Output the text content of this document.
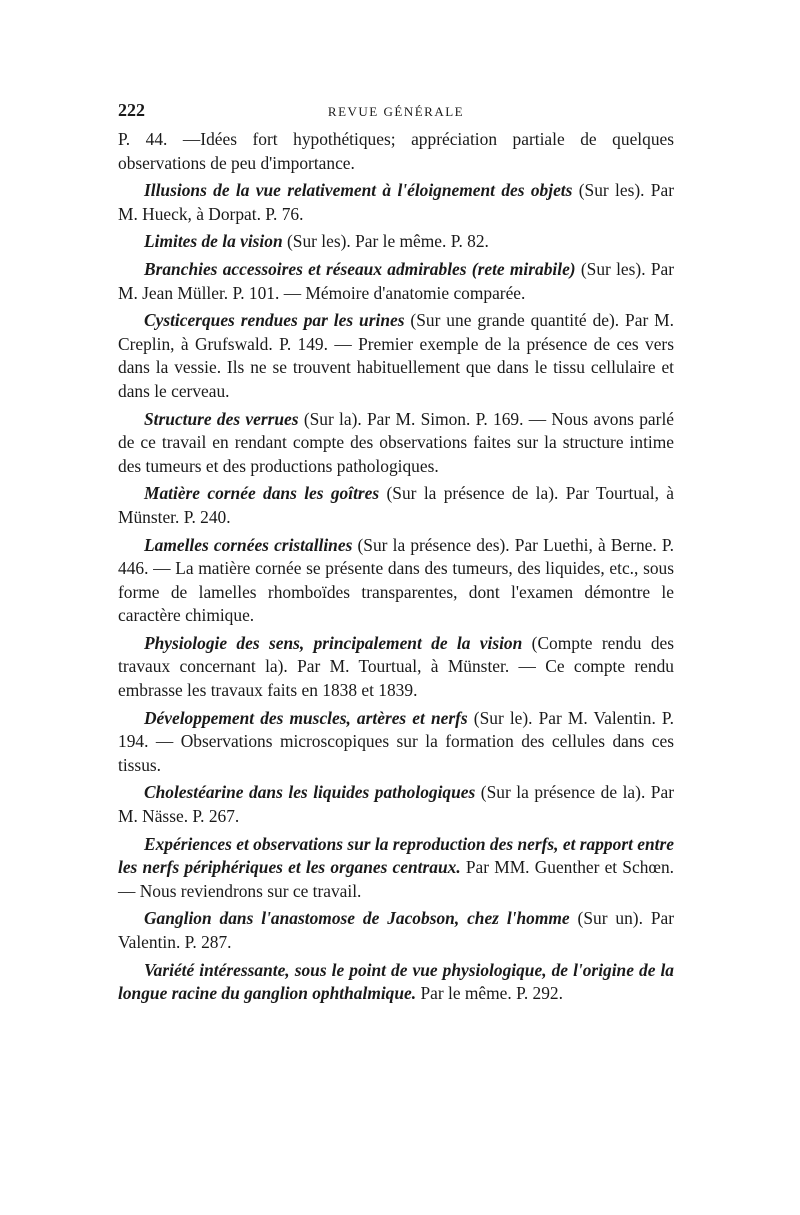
222	REVUE GÉNÉRALE

P. 44. —Idées fort hypothétiques; appréciation partiale de quelques observations de peu d'importance.

Illusions de la vue relativement à l'éloignement des objets (Sur les). Par M. Hueck, à Dorpat. P. 76.

Limites de la vision (Sur les). Par le même. P. 82.

Branchies accessoires et réseaux admirables (rete mirabile) (Sur les). Par M. Jean Müller. P. 101. — Mémoire d'anatomie comparée.

Cysticerques rendues par les urines (Sur une grande quantité de). Par M. Creplin, à Grufswald. P. 149. — Premier exemple de la présence de ces vers dans la vessie. Ils ne se trouvent habituellement que dans le tissu cellulaire et dans le cerveau.

Structure des verrues (Sur la). Par M. Simon. P. 169. — Nous avons parlé de ce travail en rendant compte des observations faites sur la structure intime des tumeurs et des productions pathologiques.

Matière cornée dans les goîtres (Sur la présence de la). Par Tourtual, à Münster. P. 240.

Lamelles cornées cristallines (Sur la présence des). Par Luethi, à Berne. P. 446. — La matière cornée se présente dans des tumeurs, des liquides, etc., sous forme de lamelles rhomboïdes transparentes, dont l'examen démontre le caractère chimique.

Physiologie des sens, principalement de la vision (Compte rendu des travaux concernant la). Par M. Tourtual, à Münster. — Ce compte rendu embrasse les travaux faits en 1838 et 1839.

Développement des muscles, artères et nerfs (Sur le). Par M. Valentin. P. 194. — Observations microscopiques sur la formation des cellules dans ces tissus.

Cholestéarine dans les liquides pathologiques (Sur la présence de la). Par M. Nässe. P. 267.

Expériences et observations sur la reproduction des nerfs, et rapport entre les nerfs périphériques et les organes centraux. Par MM. Guenther et Schœn. — Nous reviendrons sur ce travail.

Ganglion dans l'anastomose de Jacobson, chez l'homme (Sur un). Par Valentin. P. 287.

Variété intéressante, sous le point de vue physiologique, de l'origine de la longue racine du ganglion ophthalmique. Par le même. P. 292.
